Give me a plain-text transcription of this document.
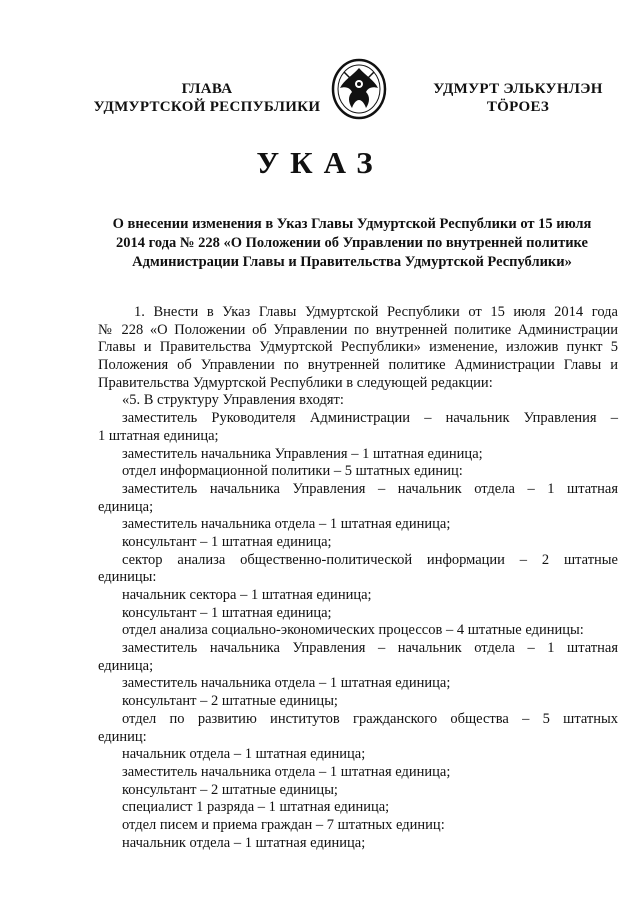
ГЛАВА
УДМУРТСКОЙ РЕСПУБЛИКИ
УДМУРТ ЭЛЬКУНЛЭН
ТӦРОЕЗ
УКАЗ
О внесении изменения в Указ Главы Удмуртской Республики от 15 июля
2014 года № 228 «О Положении об Управлении по внутренней политике
Администрации Главы и Правительства Удмуртской Республики»
1. Внести в Указ Главы Удмуртской Республики от 15 июля 2014 года
№ 228 «О Положении об Управлении по внутренней политике Администрации
Главы и Правительства Удмуртской Республики» изменение, изложив пункт 5
Положения об Управлении по внутренней политике Администрации Главы и
Правительства Удмуртской Республики в следующей редакции:
«5. В структуру Управления входят:
заместитель Руководителя Администрации – начальник Управления –
1 штатная единица;
заместитель начальника Управления – 1 штатная единица;
отдел информационной политики – 5 штатных единиц:
заместитель начальника Управления – начальник отдела – 1 штатная
единица;
заместитель начальника отдела – 1 штатная единица;
консультант – 1 штатная единица;
сектор анализа общественно-политической информации – 2 штатные
единицы:
начальник сектора – 1 штатная единица;
консультант – 1 штатная единица;
отдел анализа социально-экономических процессов – 4 штатные единицы:
заместитель начальника Управления – начальник отдела – 1 штатная
единица;
заместитель начальника отдела – 1 штатная единица;
консультант – 2 штатные единицы;
отдел по развитию институтов гражданского общества – 5 штатных
единиц:
начальник отдела – 1 штатная единица;
заместитель начальника отдела – 1 штатная единица;
консультант – 2 штатные единицы;
специалист 1 разряда – 1 штатная единица;
отдел писем и приема граждан – 7 штатных единиц:
начальник отдела – 1 штатная единица;
